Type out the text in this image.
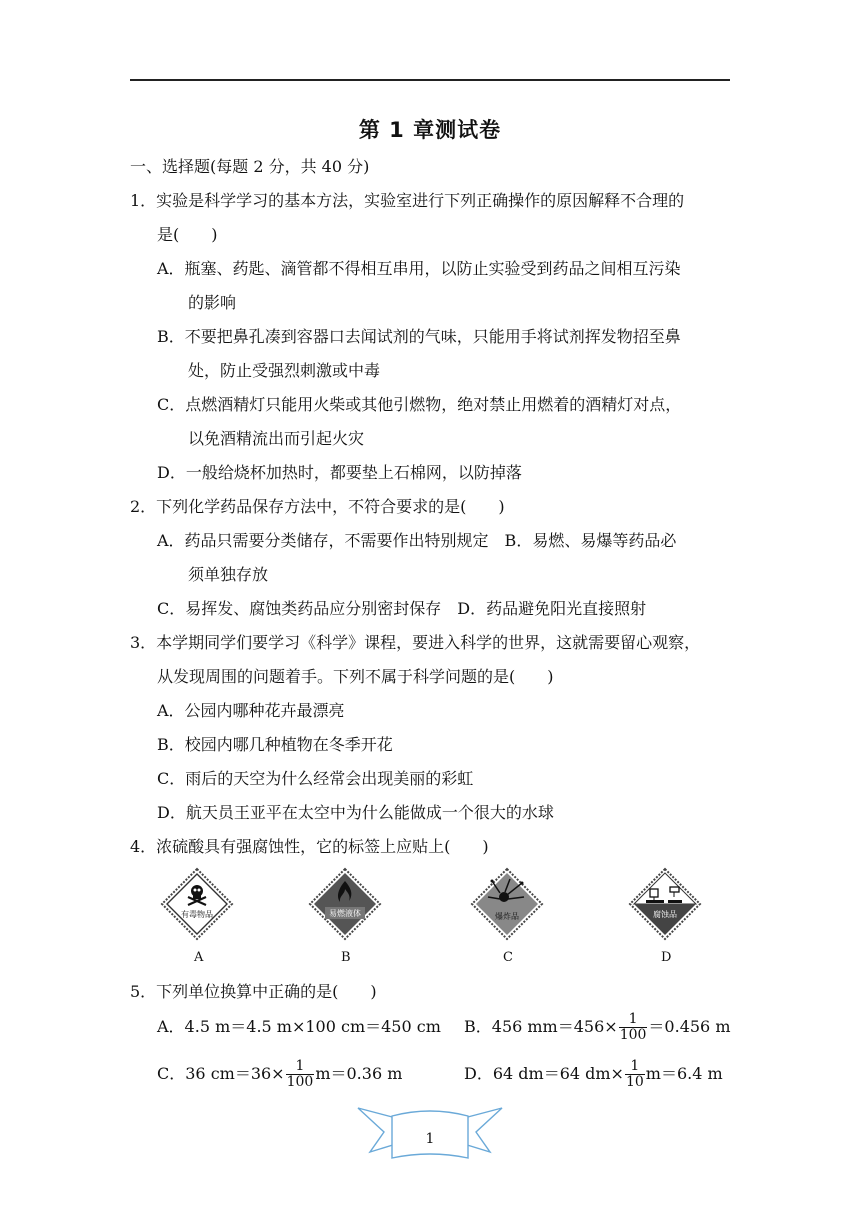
第 1 章测试卷
一、选择题(每题 2 分，共 40 分)
1．实验是科学学习的基本方法，实验室进行下列正确操作的原因解释不合理的
是(　　)
A．瓶塞、药匙、滴管都不得相互串用，以防止实验受到药品之间相互污染
的影响
B．不要把鼻孔凑到容器口去闻试剂的气味，只能用手将试剂挥发物招至鼻
处，防止受强烈刺激或中毒
C．点燃酒精灯只能用火柴或其他引燃物，绝对禁止用燃着的酒精灯对点，
以免酒精流出而引起火灾
D．一般给烧杯加热时，都要垫上石棉网，以防掉落
2．下列化学药品保存方法中，不符合要求的是(　　)
A．药品只需要分类储存，不需要作出特别规定　B．易燃、易爆等药品必
须单独存放
C．易挥发、腐蚀类药品应分别密封保存　D．药品避免阳光直接照射
3．本学期同学们要学习《科学》课程，要进入科学的世界，这就需要留心观察，
从发现周围的问题着手。下列不属于科学问题的是(　　)
A．公园内哪种花卉最漂亮
B．校园内哪几种植物在冬季开花
C．雨后的天空为什么经常会出现美丽的彩虹
D．航天员王亚平在太空中为什么能做成一个很大的水球
4．浓硫酸具有强腐蚀性，它的标签上应贴上(　　)
有毒物品
A
易燃液体
B
爆炸品
C
腐蚀品
D
5．下列单位换算中正确的是(　　)
A．4.5 m＝4.5 m×100 cm＝450 cm B．456 $mm=456\times \frac{1}{100} =0.456$ m
C．36 $cm=36\times \frac{1}{100} m=0.36$ m	D．64 dm＝64 $dm\times \frac{1}{10} m=6.4$ m
1
